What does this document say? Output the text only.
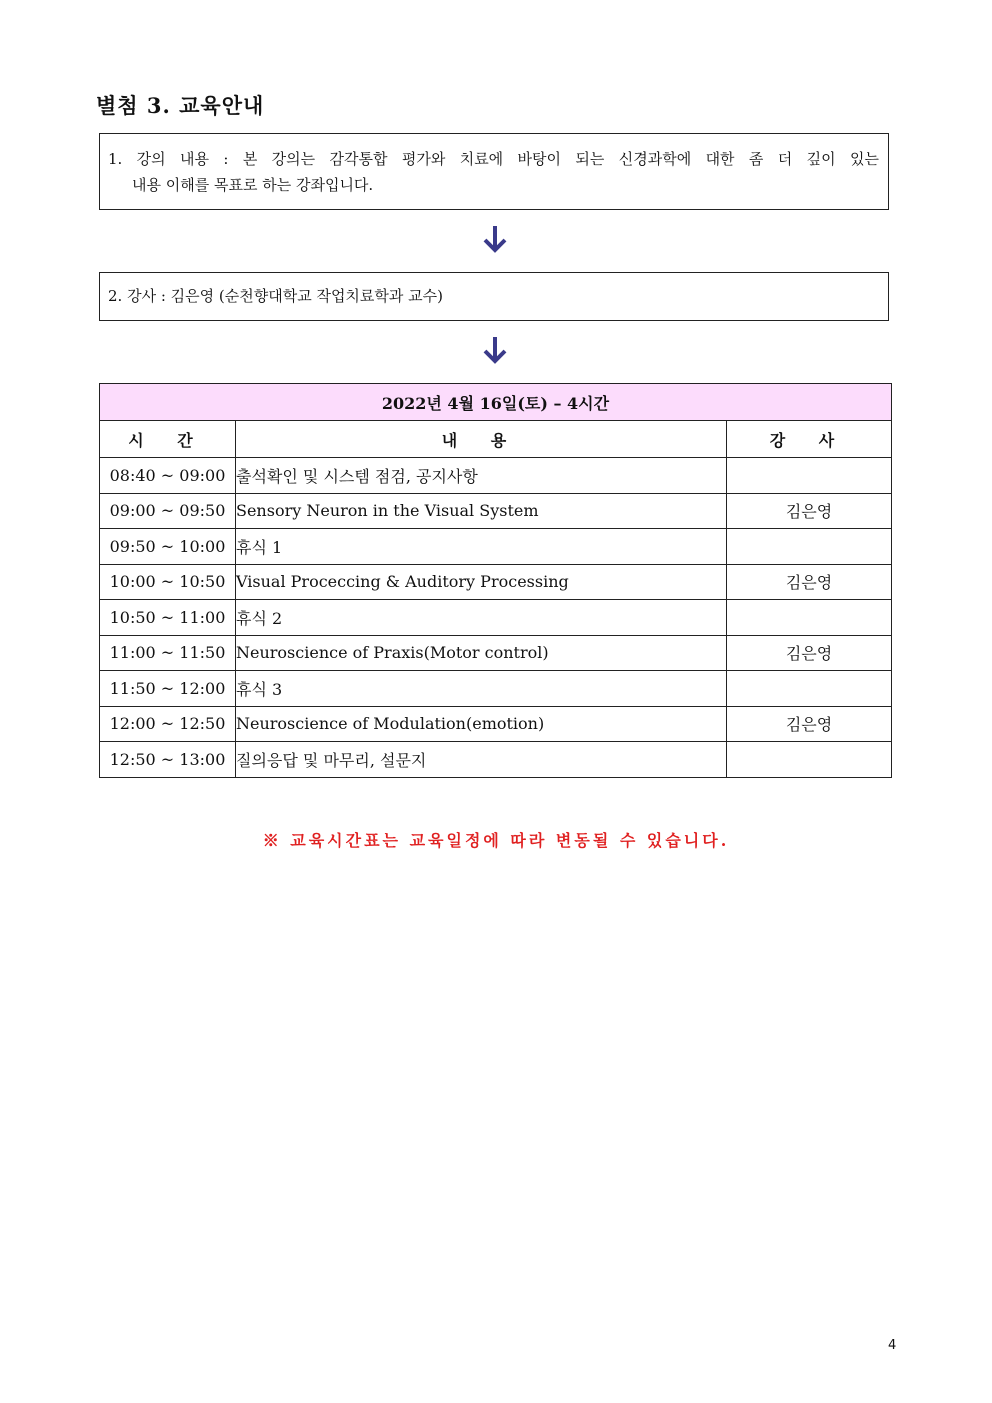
별첨 3. 교육안내
1. 강의 내용 : 본 강의는 감각통합 평가와 치료에 바탕이 되는 신경과학에 대한 좀 더 깊이 있는
내용 이해를 목표로 하는 강좌입니다.
2. 강사 : 김은영 (순천향대학교 작업치료학과 교수)
2022년 4월 16일(토) – 4시간		
시 간	내 용	강 사
08:40 ~ 09:00	출석확인 및 시스템 점검, 공지사항	
09:00 ~ 09:50	Sensory Neuron in the Visual System	김은영
09:50 ~ 10:00	휴식 1	
10:00 ~ 10:50	Visual Proceccing & Auditory Processing	김은영
10:50 ~ 11:00	휴식 2	
11:00 ~ 11:50	Neuroscience of Praxis(Motor control)	김은영
11:50 ~ 12:00	휴식 3	
12:00 ~ 12:50	Neuroscience of Modulation(emotion)	김은영
12:50 ~ 13:00	질의응답 및 마무리, 설문지	
※ 교육시간표는 교육일정에 따라 변동될 수 있습니다.
4
